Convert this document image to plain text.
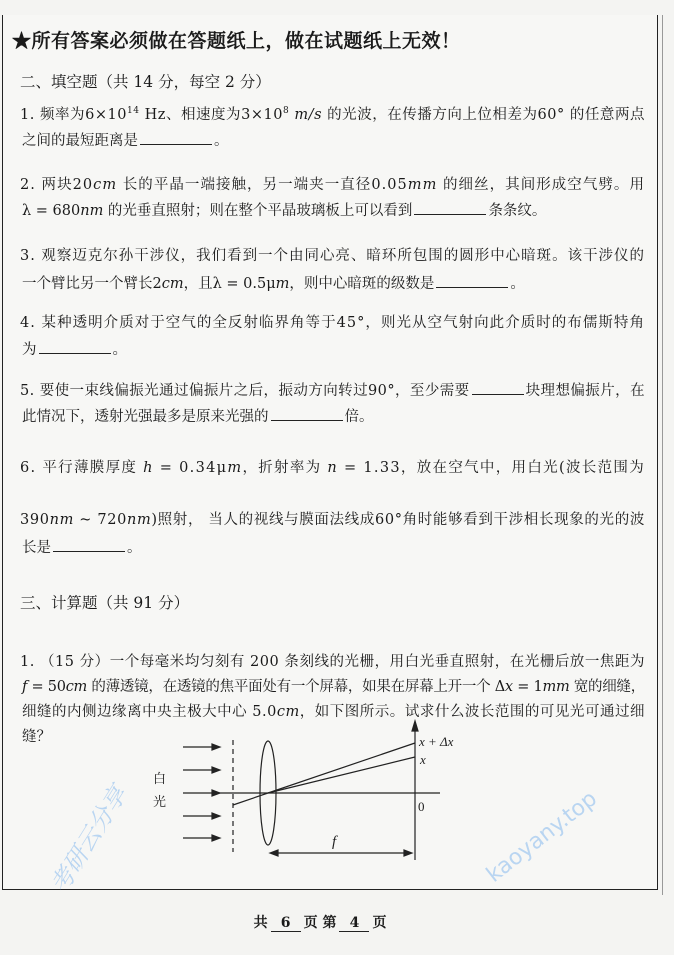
★所有答案必须做在答题纸上，做在试题纸上无效！
二、填空题（共 14 分，每空 2 分）
1. 频率为$6\times 10^{14}$ Hz、相速度为$3\times 10^8$ m/s 的光波，在传播方向上位相差为60° 的任意两点
之间的最短距离是	。
2. 两块20cm 长的平晶一端接触，另一端夹一直径0.05mm 的细丝，其间形成空气劈。用
λ = 680nm 的光垂直照射；则在整个平晶玻璃板上可以看到	条条纹。
3. 观察迈克尔孙干涉仪，我们看到一个由同心亮、暗环所包围的圆形中心暗斑。该干涉仪的
一个臂比另一个臂长2cm，且λ = 0.5μm，则中心暗斑的级数是	。
4. 某种透明介质对于空气的全反射临界角等于45°，则光从空气射向此介质时的布儒斯特角
为	。
5. 要使一束线偏振光通过偏振片之后，振动方向转过90°，至少需要	块理想偏振片，在
此情况下，透射光强最多是原来光强的	倍。
6. 平行薄膜厚度 h = 0.34μm，折射率为 n = 1.33，放在空气中，用白光(波长范围为
390nm ~ 720nm)照射， 当人的视线与膜面法线成60°角时能够看到干涉相长现象的光的波
长是	。
三、计算题（共 91 分）
1. （15 分）一个每毫米均匀刻有 200 条刻线的光栅，用白光垂直照射，在光栅后放一焦距为
f = 50cm 的薄透镜，在透镜的焦平面处有一个屏幕，如果在屏幕上开一个 Δx = 1mm 宽的细缝，
细缝的内侧边缘离中央主极大中心 5.0cm，如下图所示。试求什么波长范围的可见光可通过细
缝？
白
光
x + Δx
x
0
f
考研云分享	kaoyany.top
共 6 页 第 4 页
